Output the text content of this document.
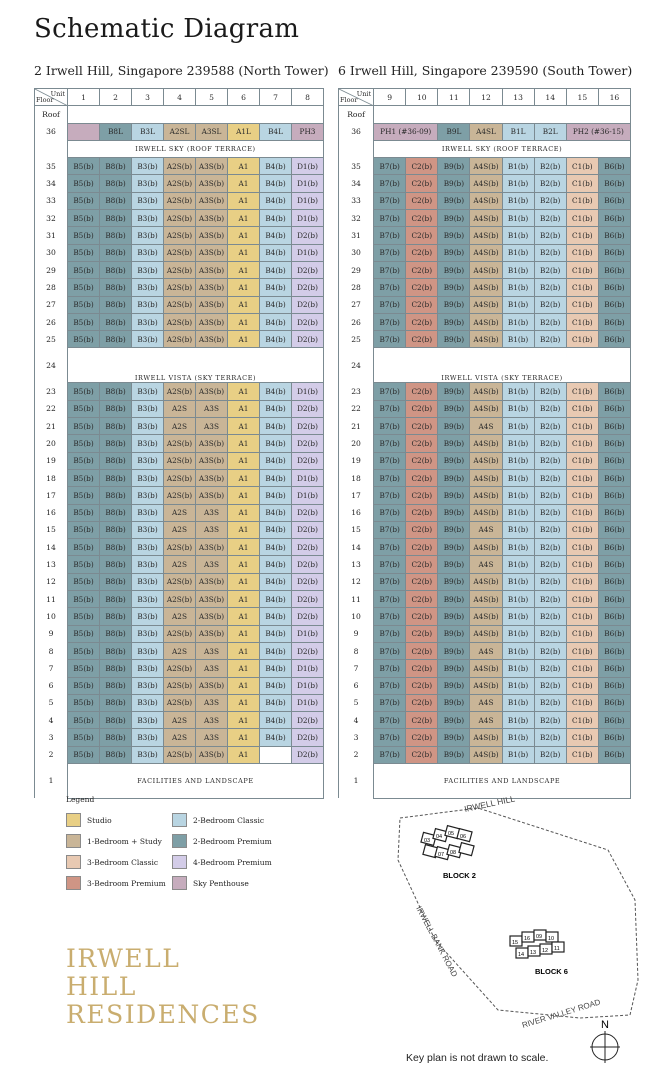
Schematic Diagram
2 Irwell Hill, Singapore 239588 (North Tower) 6 Irwell Hill, Singapore 239590 (South Tower)
Unit
Floor	1	2	3	4	5	6	7	8
Roof								
36		B8L	B3L	A2SL	A3SL	A1L	B4L	PH3
	IRWELL SKY (ROOF TERRACE)							
35	B5(b)	B8(b)	B3(b)	A2S(b)	A3S(b)	A1	B4(b)	D1(b)
34	B5(b)	B8(b)	B3(b)	A2S(b)	A3S(b)	A1	B4(b)	D1(b)
33	B5(b)	B8(b)	B3(b)	A2S(b)	A3S(b)	A1	B4(b)	D1(b)
32	B5(b)	B8(b)	B3(b)	A2S(b)	A3S(b)	A1	B4(b)	D1(b)
31	B5(b)	B8(b)	B3(b)	A2S(b)	A3S(b)	A1	B4(b)	D2(b)
30	B5(b)	B8(b)	B3(b)	A2S(b)	A3S(b)	A1	B4(b)	D1(b)
29	B5(b)	B8(b)	B3(b)	A2S(b)	A3S(b)	A1	B4(b)	D2(b)
28	B5(b)	B8(b)	B3(b)	A2S(b)	A3S(b)	A1	B4(b)	D2(b)
27	B5(b)	B8(b)	B3(b)	A2S(b)	A3S(b)	A1	B4(b)	D2(b)
26	B5(b)	B8(b)	B3(b)	A2S(b)	A3S(b)	A1	B4(b)	D2(b)
25	B5(b)	B8(b)	B3(b)	A2S(b)	A3S(b)	A1	B4(b)	D2(b)
24	IRWELL VISTA (SKY TERRACE)							
23	B5(b)	B8(b)	B3(b)	A2S(b)	A3S(b)	A1	B4(b)	D1(b)
22	B5(b)	B8(b)	B3(b)	A2S	A3S	A1	B4(b)	D2(b)
21	B5(b)	B8(b)	B3(b)	A2S	A3S	A1	B4(b)	D2(b)
20	B5(b)	B8(b)	B3(b)	A2S(b)	A3S(b)	A1	B4(b)	D2(b)
19	B5(b)	B8(b)	B3(b)	A2S(b)	A3S(b)	A1	B4(b)	D2(b)
18	B5(b)	B8(b)	B3(b)	A2S(b)	A3S(b)	A1	B4(b)	D1(b)
17	B5(b)	B8(b)	B3(b)	A2S(b)	A3S(b)	A1	B4(b)	D1(b)
16	B5(b)	B8(b)	B3(b)	A2S	A3S	A1	B4(b)	D2(b)
15	B5(b)	B8(b)	B3(b)	A2S	A3S	A1	B4(b)	D2(b)
14	B5(b)	B8(b)	B3(b)	A2S(b)	A3S(b)	A1	B4(b)	D2(b)
13	B5(b)	B8(b)	B3(b)	A2S	A3S	A1	B4(b)	D2(b)
12	B5(b)	B8(b)	B3(b)	A2S(b)	A3S(b)	A1	B4(b)	D2(b)
11	B5(b)	B8(b)	B3(b)	A2S(b)	A3S(b)	A1	B4(b)	D2(b)
10	B5(b)	B8(b)	B3(b)	A2S	A3S(b)	A1	B4(b)	D2(b)
9	B5(b)	B8(b)	B3(b)	A2S(b)	A3S(b)	A1	B4(b)	D1(b)
8	B5(b)	B8(b)	B3(b)	A2S	A3S	A1	B4(b)	D2(b)
7	B5(b)	B8(b)	B3(b)	A2S(b)	A3S	A1	B4(b)	D1(b)
6	B5(b)	B8(b)	B3(b)	A2S(b)	A3S(b)	A1	B4(b)	D1(b)
5	B5(b)	B8(b)	B3(b)	A2S(b)	A3S	A1	B4(b)	D1(b)
4	B5(b)	B8(b)	B3(b)	A2S	A3S	A1	B4(b)	D2(b)
3	B5(b)	B8(b)	B3(b)	A2S	A3S	A1	B4(b)	D2(b)
2	B5(b)	B8(b)	B3(b)	A2S(b)	A3S(b)	A1		D2(b)
1	FACILITIES AND LANDSCAPE							
Unit
Floor	9	10	11	12	13	14	15	16
Roof								
36	PH1 (#36-09)		B9L	A4SL	B1L	B2L	PH2 (#36-15)	
	IRWELL SKY (ROOF TERRACE)							
35	B7(b)	C2(b)	B9(b)	A4S(b)	B1(b)	B2(b)	C1(b)	B6(b)
34	B7(b)	C2(b)	B9(b)	A4S(b)	B1(b)	B2(b)	C1(b)	B6(b)
33	B7(b)	C2(b)	B9(b)	A4S(b)	B1(b)	B2(b)	C1(b)	B6(b)
32	B7(b)	C2(b)	B9(b)	A4S(b)	B1(b)	B2(b)	C1(b)	B6(b)
31	B7(b)	C2(b)	B9(b)	A4S(b)	B1(b)	B2(b)	C1(b)	B6(b)
30	B7(b)	C2(b)	B9(b)	A4S(b)	B1(b)	B2(b)	C1(b)	B6(b)
29	B7(b)	C2(b)	B9(b)	A4S(b)	B1(b)	B2(b)	C1(b)	B6(b)
28	B7(b)	C2(b)	B9(b)	A4S(b)	B1(b)	B2(b)	C1(b)	B6(b)
27	B7(b)	C2(b)	B9(b)	A4S(b)	B1(b)	B2(b)	C1(b)	B6(b)
26	B7(b)	C2(b)	B9(b)	A4S(b)	B1(b)	B2(b)	C1(b)	B6(b)
25	B7(b)	C2(b)	B9(b)	A4S(b)	B1(b)	B2(b)	C1(b)	B6(b)
24	IRWELL VISTA (SKY TERRACE)							
23	B7(b)	C2(b)	B9(b)	A4S(b)	B1(b)	B2(b)	C1(b)	B6(b)
22	B7(b)	C2(b)	B9(b)	A4S(b)	B1(b)	B2(b)	C1(b)	B6(b)
21	B7(b)	C2(b)	B9(b)	A4S	B1(b)	B2(b)	C1(b)	B6(b)
20	B7(b)	C2(b)	B9(b)	A4S(b)	B1(b)	B2(b)	C1(b)	B6(b)
19	B7(b)	C2(b)	B9(b)	A4S(b)	B1(b)	B2(b)	C1(b)	B6(b)
18	B7(b)	C2(b)	B9(b)	A4S(b)	B1(b)	B2(b)	C1(b)	B6(b)
17	B7(b)	C2(b)	B9(b)	A4S(b)	B1(b)	B2(b)	C1(b)	B6(b)
16	B7(b)	C2(b)	B9(b)	A4S(b)	B1(b)	B2(b)	C1(b)	B6(b)
15	B7(b)	C2(b)	B9(b)	A4S	B1(b)	B2(b)	C1(b)	B6(b)
14	B7(b)	C2(b)	B9(b)	A4S(b)	B1(b)	B2(b)	C1(b)	B6(b)
13	B7(b)	C2(b)	B9(b)	A4S	B1(b)	B2(b)	C1(b)	B6(b)
12	B7(b)	C2(b)	B9(b)	A4S(b)	B1(b)	B2(b)	C1(b)	B6(b)
11	B7(b)	C2(b)	B9(b)	A4S(b)	B1(b)	B2(b)	C1(b)	B6(b)
10	B7(b)	C2(b)	B9(b)	A4S(b)	B1(b)	B2(b)	C1(b)	B6(b)
9	B7(b)	C2(b)	B9(b)	A4S(b)	B1(b)	B2(b)	C1(b)	B6(b)
8	B7(b)	C2(b)	B9(b)	A4S	B1(b)	B2(b)	C1(b)	B6(b)
7	B7(b)	C2(b)	B9(b)	A4S(b)	B1(b)	B2(b)	C1(b)	B6(b)
6	B7(b)	C2(b)	B9(b)	A4S(b)	B1(b)	B2(b)	C1(b)	B6(b)
5	B7(b)	C2(b)	B9(b)	A4S	B1(b)	B2(b)	C1(b)	B6(b)
4	B7(b)	C2(b)	B9(b)	A4S	B1(b)	B2(b)	C1(b)	B6(b)
3	B7(b)	C2(b)	B9(b)	A4S(b)	B1(b)	B2(b)	C1(b)	B6(b)
2	B7(b)	C2(b)	B9(b)	A4S(b)	B1(b)	B2(b)	C1(b)	B6(b)
1	FACILITIES AND LANDSCAPE							
Legend
Studio
1-Bedroom + Study
3-Bedroom Classic
3-Bedroom Premium
2-Bedroom Classic
2-Bedroom Premium
4-Bedroom Premium
Sky Penthouse
IRWELL
HILL
RESIDENCES
IRWELL HILL
IRWELL BANK ROAD
RIVER VALLEY ROAD
03
04 05 06
07 08
BLOCK 2
15
16 09 10
14 13 12 11
BLOCK 6
Key plan is not drawn to scale.
N
